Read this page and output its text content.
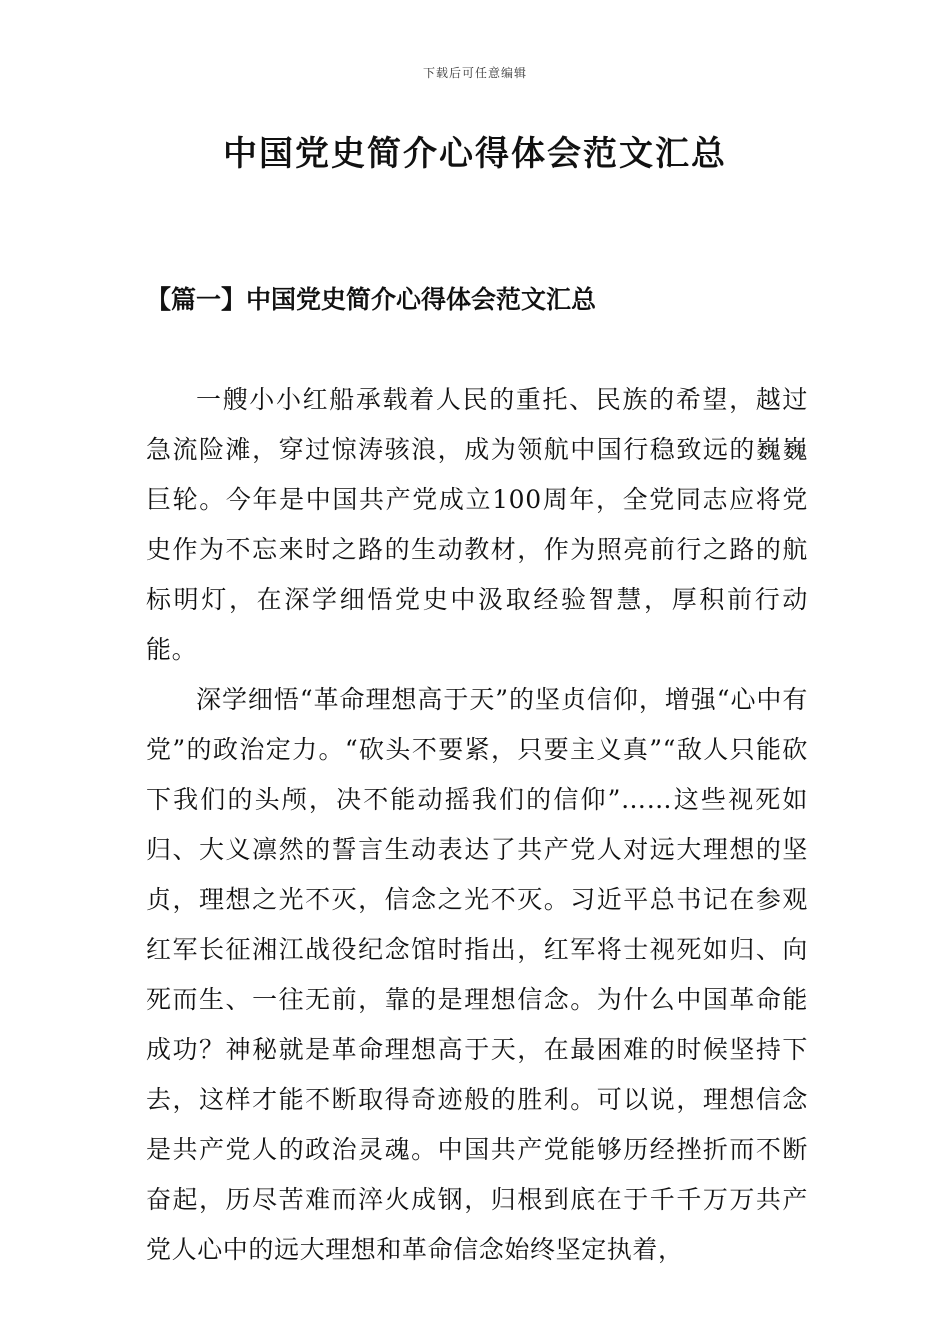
下载后可任意编辑
中国党史简介心得体会范文汇总
【篇一】中国党史简介心得体会范文汇总

一艘小小红船承载着人民的重托、民族的希望，越过急流险滩，穿过惊涛骇浪，成为领航中国行稳致远的巍巍巨轮。今年是中国共产党成立100周年，全党同志应将党史作为不忘来时之路的生动教材，作为照亮前行之路的航标明灯，在深学细悟党史中汲取经验智慧，厚积前行动能。

深学细悟“革命理想高于天”的坚贞信仰，增强“心中有党”的政治定力。“砍头不要紧，只要主义真”“敌人只能砍下我们的头颅，决不能动摇我们的信仰”……这些视死如归、大义凛然的誓言生动表达了共产党人对远大理想的坚贞，理想之光不灭，信念之光不灭。习近平总书记在参观红军长征湘江战役纪念馆时指出，红军将士视死如归、向死而生、一往无前，靠的是理想信念。为什么中国革命能成功？神秘就是革命理想高于天，在最困难的时候坚持下去，这样才能不断取得奇迹般的胜利。可以说，理想信念是共产党人的政治灵魂。中国共产党能够历经挫折而不断奋起，历尽苦难而淬火成钢，归根到底在于千千万万共产党人心中的远大理想和革命信念始终坚定执着，
